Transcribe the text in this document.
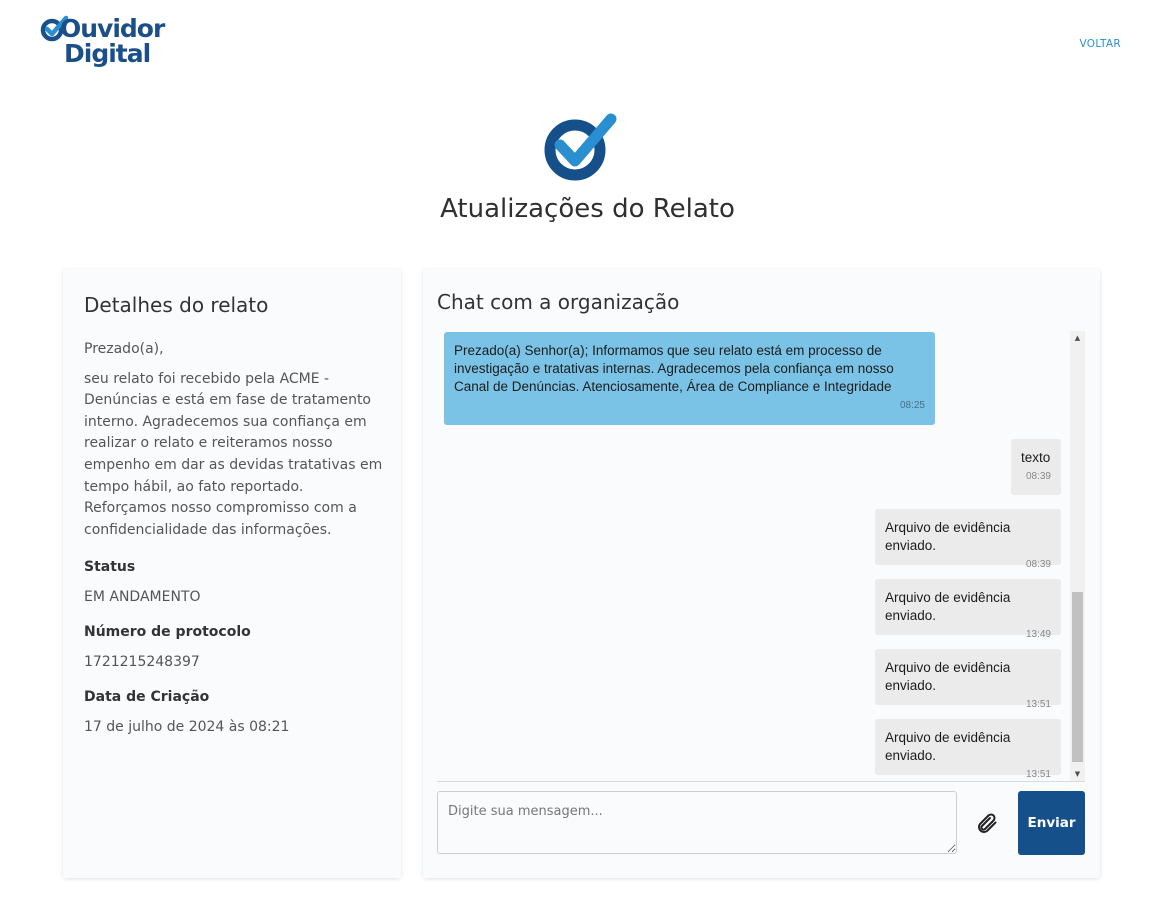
Ouvidor
Digital	VOLTAR
Atualizações do Relato
Detalhes do relato

Prezado(a),

seu relato foi recebido pela ACME - Denúncias e está em fase de tratamento interno. Agradecemos sua confiança em realizar o relato e reiteramos nosso empenho em dar as devidas tratativas em tempo hábil, ao fato reportado. Reforçamos nosso compromisso com a confidencialidade das informações.

Status
EM ANDAMENTO
Número de protocolo
1721215248397
Data de Criação
17 de julho de 2024 às 08:21
Chat com a organização
Prezado(a) Senhor(a); Informamos que seu relato está em processo de investigação e tratativas internas. Agradecemos pela confiança em nosso Canal de Denúncias. Atenciosamente, Área de Compliance e Integridade
08:25
texto
08:39
Arquivo de evidência enviado.
08:39
Arquivo de evidência enviado.
13:49
Arquivo de evidência enviado.
13:51
Arquivo de evidência enviado.
13:51
▲
▼
Digite sua mensagem...
Enviar
